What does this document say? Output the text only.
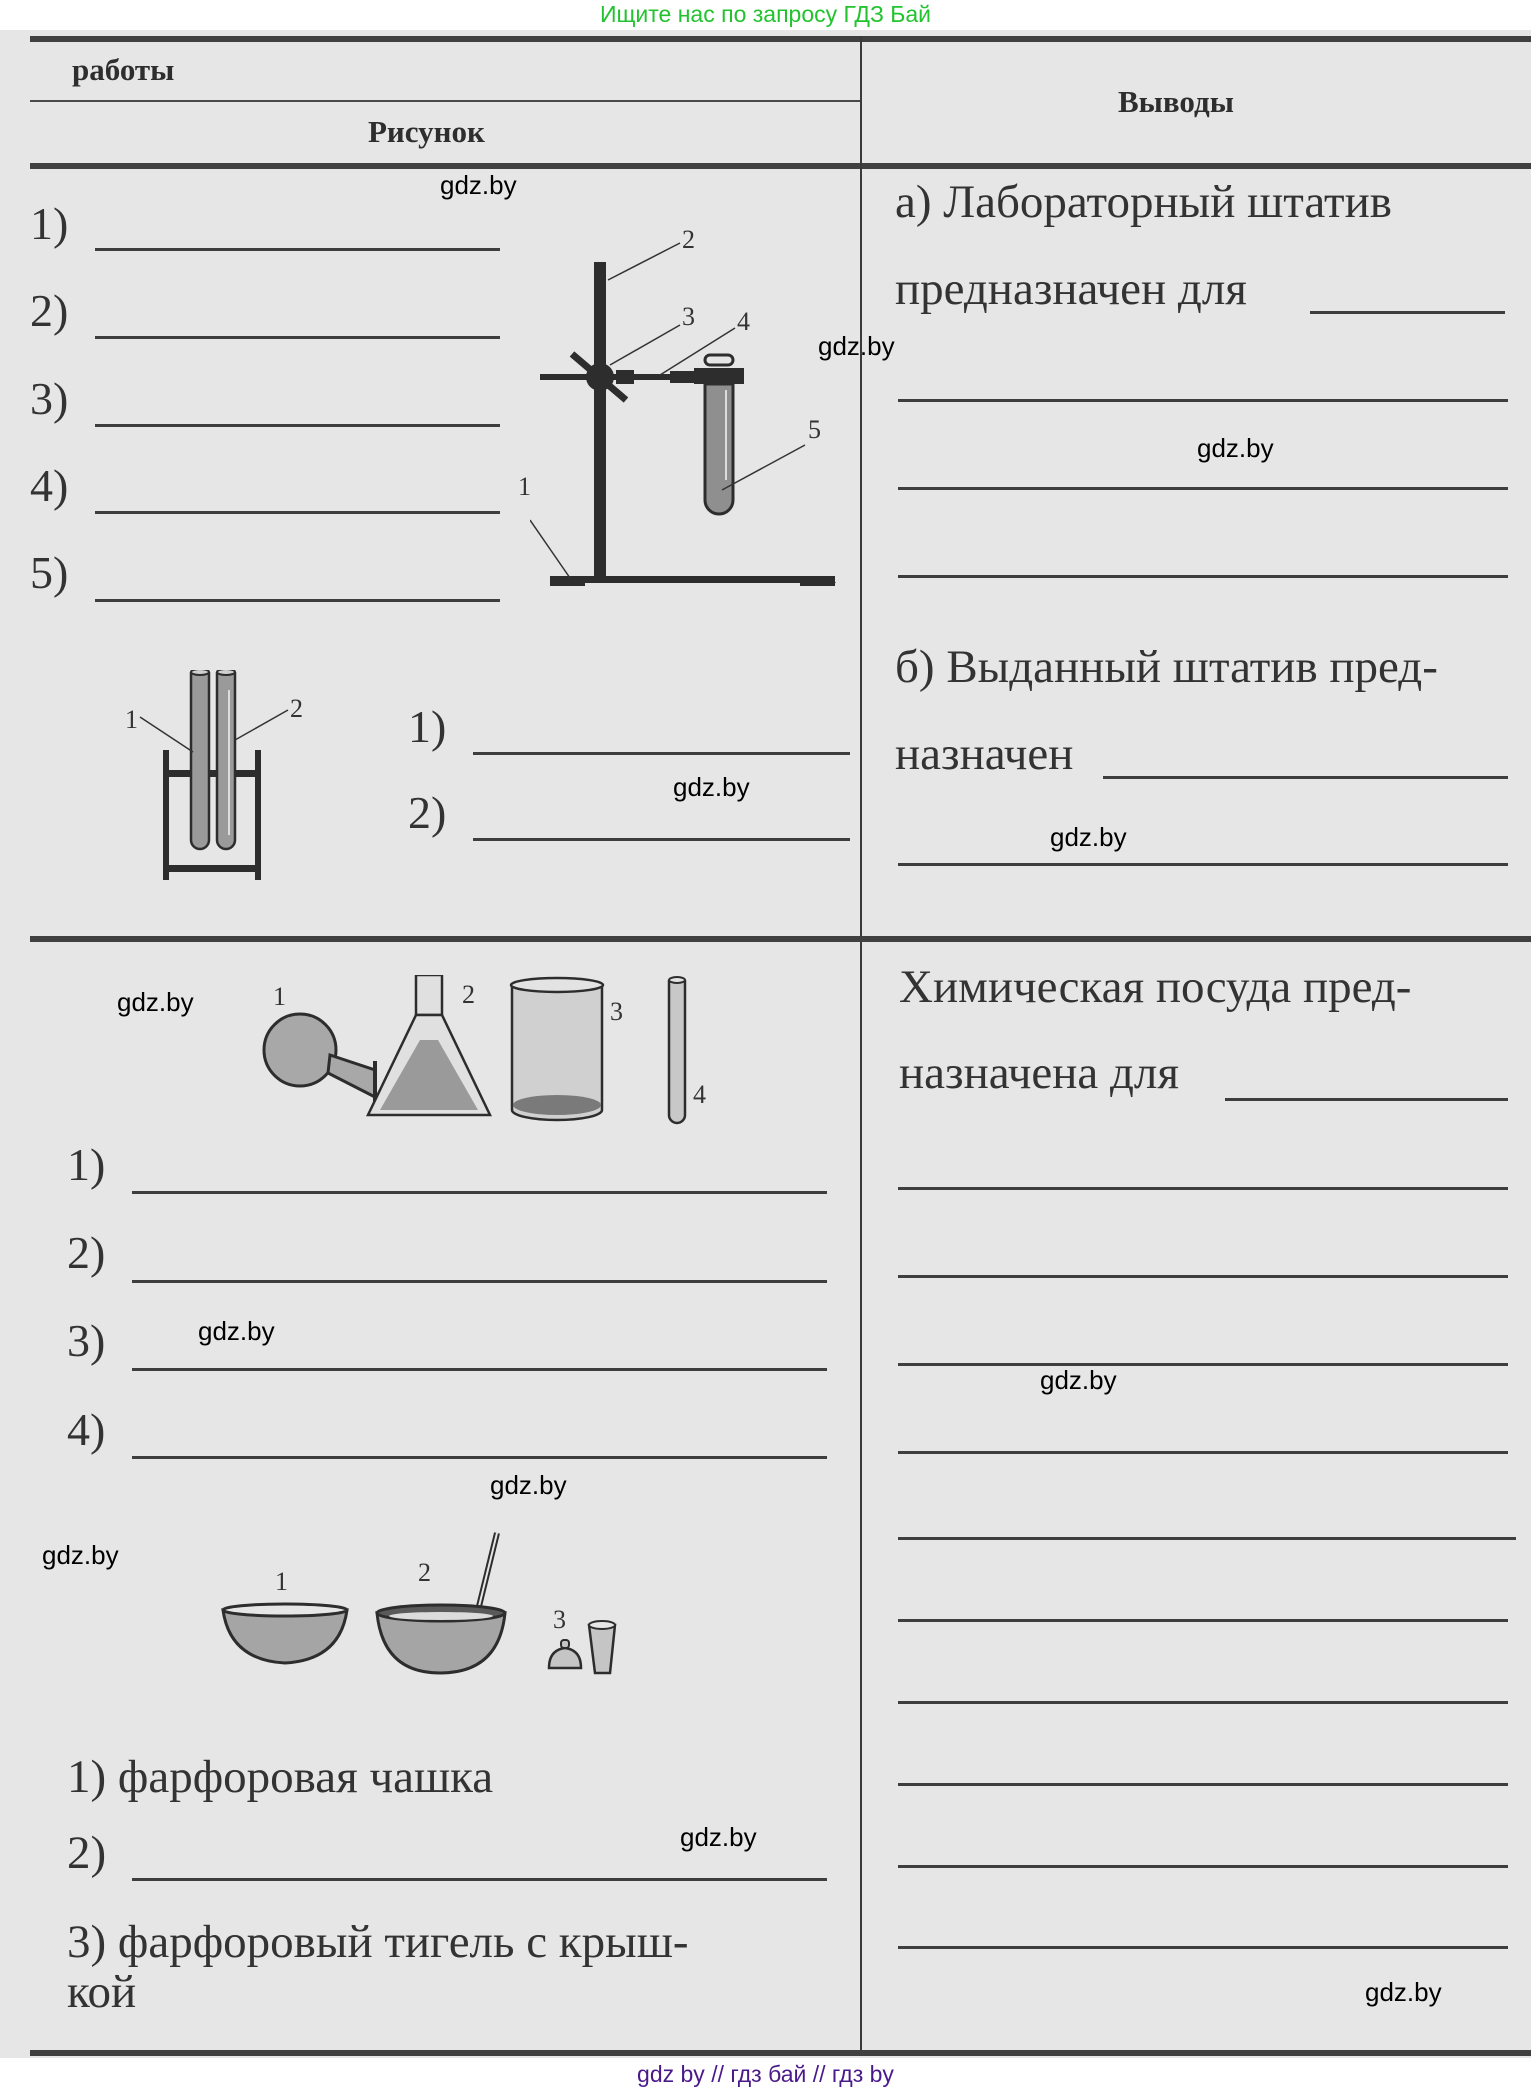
Ищите нас по запросу ГДЗ Бай
работы
Рисунок
Выводы
1)
2)
3)
4)
5)
2
3 4
5
1
1	2 1)
2)
а) Лабораторный штатив
предназначен для
б) Выданный штатив пред-
назначен
1	2
3
4
1)
2)
3)
4)
1	2
3
1) фарфоровая чашка
2)
3) фарфоровый тигель с крыш-
кой
Химическая посуда пред-
назначена для
gdz.by
gdz.by
gdz.by
gdz.by
gdz.by
gdz.by
gdz.by
gdz.by
gdz.by
gdz.by
gdz.by
gdz.by
gdz by // гдз бай // гдз by
